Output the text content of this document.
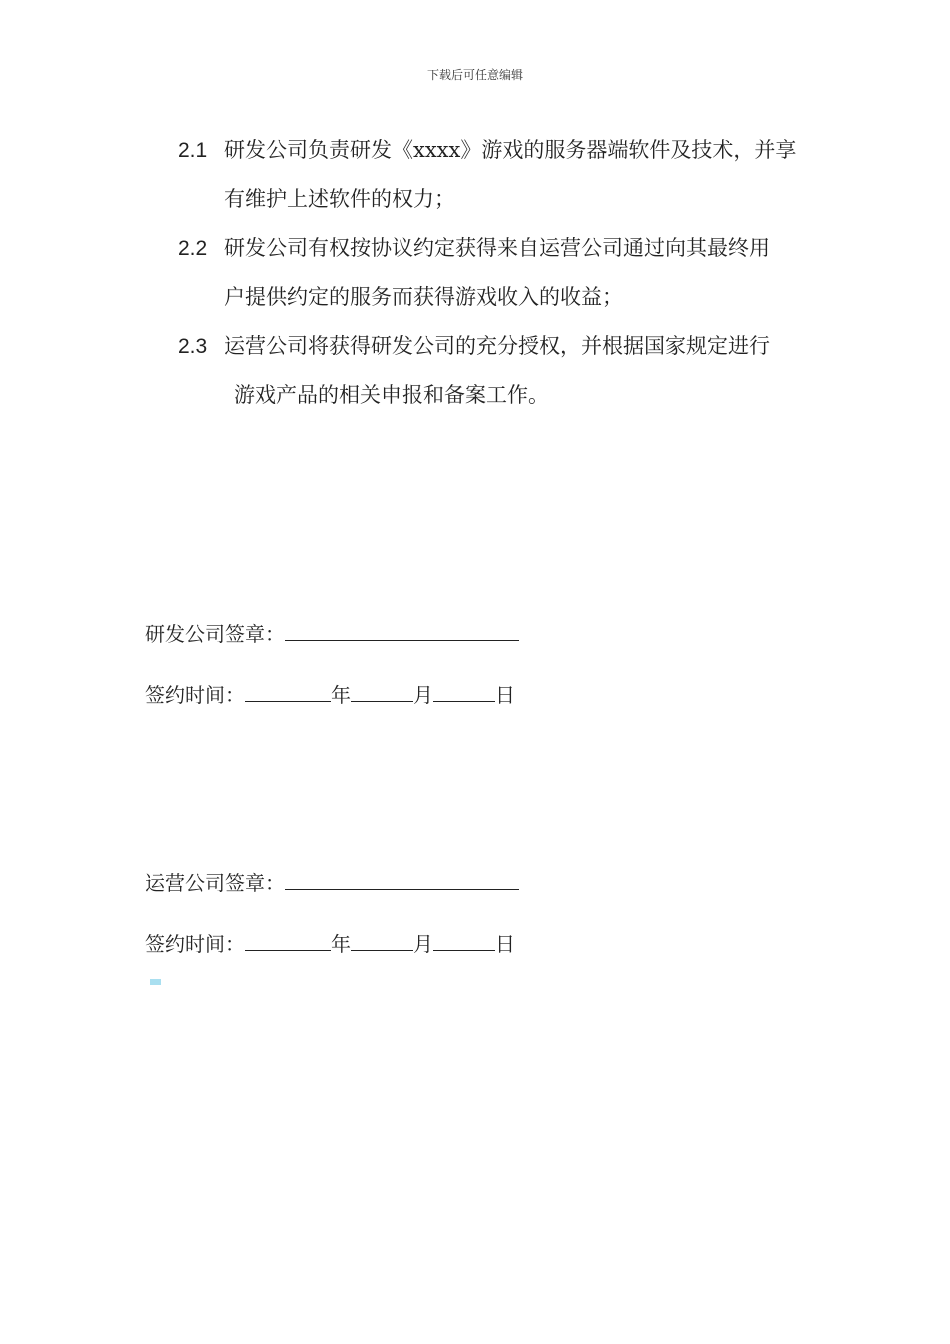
下载后可任意编辑
2.1 研发公司负责研发《xxxx》游戏的服务器端软件及技术，并享
有维护上述软件的权力；
2.2 研发公司有权按协议约定获得来自运营公司通过向其最终用
户提供约定的服务而获得游戏收入的收益；
2.3 运营公司将获得研发公司的充分授权，并根据国家规定进行
游戏产品的相关申报和备案工作。
研发公司签章：
签约时间：	年	月	日
运营公司签章：
签约时间：	年	月	日
